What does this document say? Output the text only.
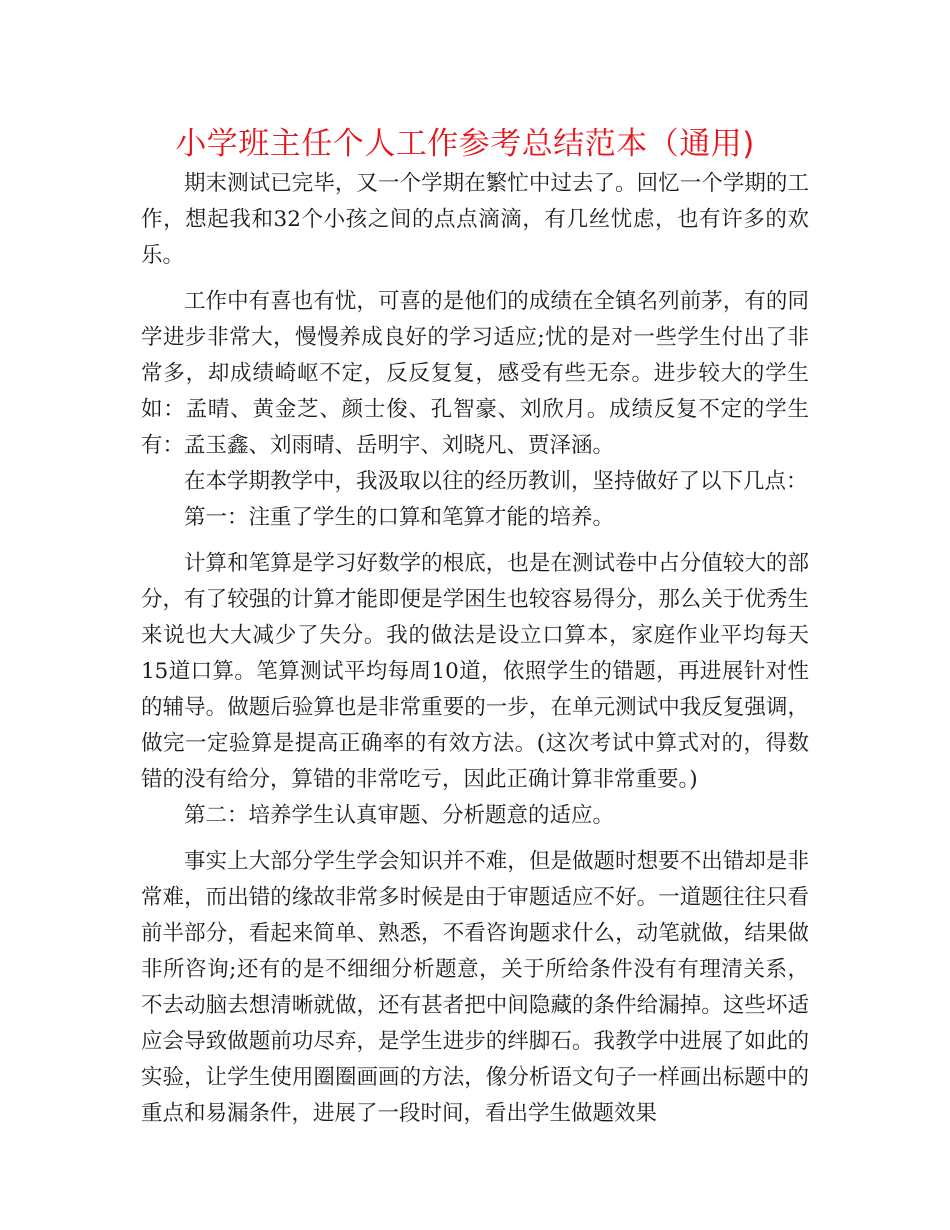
小学班主任个人工作参考总结范本（通用)

期末测试已完毕，又一个学期在繁忙中过去了。回忆一个学期的工作，想起我和32个小孩之间的点点滴滴，有几丝忧虑，也有许多的欢乐。

工作中有喜也有忧，可喜的是他们的成绩在全镇名列前茅，有的同学进步非常大，慢慢养成良好的学习适应;忧的是对一些学生付出了非常多，却成绩崎岖不定，反反复复，感受有些无奈。进步较大的学生如：孟晴、黄金芝、颜士俊、孔智豪、刘欣月。成绩反复不定的学生有：孟玉鑫、刘雨晴、岳明宇、刘晓凡、贾泽涵。

在本学期教学中，我汲取以往的经历教训，坚持做好了以下几点：

第一：注重了学生的口算和笔算才能的培养。

计算和笔算是学习好数学的根底，也是在测试卷中占分值较大的部分，有了较强的计算才能即便是学困生也较容易得分，那么关于优秀生来说也大大减少了失分。我的做法是设立口算本，家庭作业平均每天15道口算。笔算测试平均每周10道，依照学生的错题，再进展针对性的辅导。做题后验算也是非常重要的一步，在单元测试中我反复强调，做完一定验算是提高正确率的有效方法。(这次考试中算式对的，得数错的没有给分，算错的非常吃亏，因此正确计算非常重要。)

第二：培养学生认真审题、分析题意的适应。

事实上大部分学生学会知识并不难，但是做题时想要不出错却是非常难，而出错的缘故非常多时候是由于审题适应不好。一道题往往只看前半部分，看起来简单、熟悉，不看咨询题求什么，动笔就做，结果做非所咨询;还有的是不细细分析题意，关于所给条件没有有理清关系，不去动脑去想清晰就做，还有甚者把中间隐藏的条件给漏掉。这些坏适应会导致做题前功尽弃，是学生进步的绊脚石。我教学中进展了如此的实验，让学生使用圈圈画画的方法，像分析语文句子一样画出标题中的重点和易漏条件，进展了一段时间，看出学生做题效果
